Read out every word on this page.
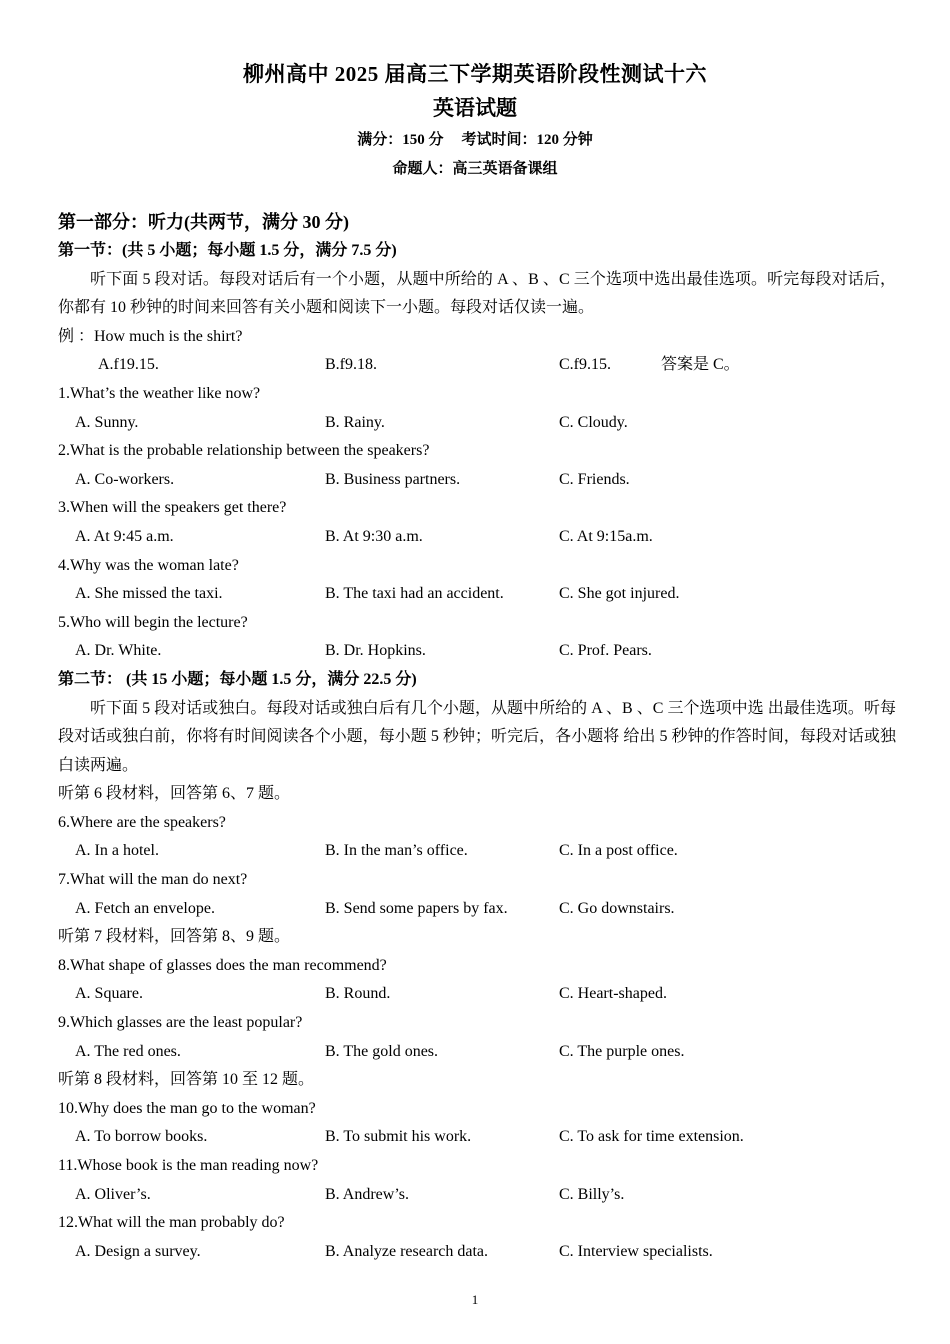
柳州高中 2025 届高三下学期英语阶段性测试十六
英语试题
满分：150 分 考试时间：120 分钟
命题人：高三英语备课组
第一部分：听力(共两节，满分 30 分)
第一节：(共 5 小题；每小题 1.5 分，满分 7.5 分)

听下面 5 段对话。每段对话后有一个小题，从题中所给的 A 、B 、C 三个选项中选出最佳选项。听完每段对话后，你都有 10 秒钟的时间来回答有关小题和阅读下一小题。每段对话仅读一遍。

例 ：How much is the shirt?
A.f19.15.	B.f9.18.	C.f9.15.	答案是 C。
1.What’s the weather like now?
A. Sunny.	B. Rainy.	C. Cloudy.
2.What is the probable relationship between the speakers?
A. Co-workers.	B. Business partners.	C. Friends.
3.When will the speakers get there?
A. At 9:45 a.m.	B. At 9:30 a.m.	C. At 9:15a.m.
4.Why was the woman late?
A. She missed the taxi.	B. The taxi had an accident.	C. She got injured.
5.Who will begin the lecture?
A. Dr. White.	B. Dr. Hopkins.	C. Prof. Pears.
第二节： (共 15 小题；每小题 1.5 分，满分 22.5 分)

听下面 5 段对话或独白。每段对话或独白后有几个小题，从题中所给的 A 、B 、C 三个选项中选 出最佳选项。听每段对话或独白前，你将有时间阅读各个小题，每小题 5 秒钟；听完后，各小题将 给出 5 秒钟的作答时间，每段对话或独白读两遍。

听第 6 段材料，回答第 6、7 题。
6.Where are the speakers?
A. In a hotel.	B. In the man’s office.	C. In a post office.
7.What will the man do next?
A. Fetch an envelope.	B. Send some papers by fax.	C. Go downstairs.
听第 7 段材料，回答第 8、9 题。
8.What shape of glasses does the man recommend?
A. Square.	B. Round.	C. Heart-shaped.
9.Which glasses are the least popular?
A. The red ones.	B. The gold ones.	C. The purple ones.
听第 8 段材料，回答第 10 至 12 题。
10.Why does the man go to the woman?
A. To borrow books.	B. To submit his work.	C. To ask for time extension.
11.Whose book is the man reading now?
A. Oliver’s.	B. Andrew’s.	C. Billy’s.
12.What will the man probably do?
A. Design a survey.	B. Analyze research data.	C. Interview specialists.
1
